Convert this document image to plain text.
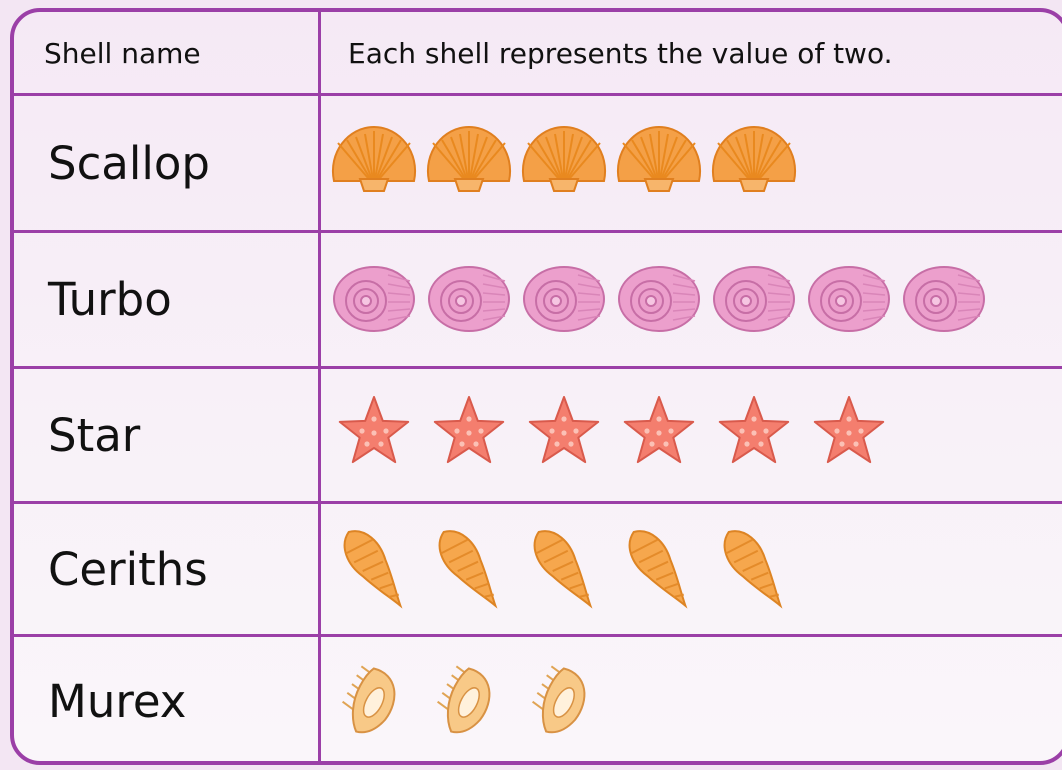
Shell name	Each shell represents the value of two.
Scallop
Turbo
Star
Ceriths
Murex
